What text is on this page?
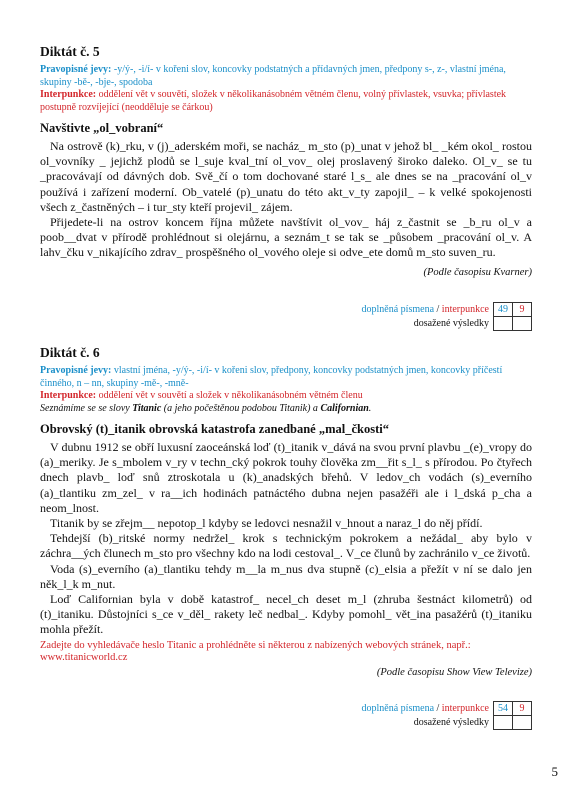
Diktát č. 5

Pravopisné jevy: -y/ý-, -i/í- v kořeni slov, koncovky podstatných a přídavných jmen, předpony s-, z-, vlastní jména, skupiny -bě-, -bje-, spodoba

Interpunkce: oddělení vět v souvětí, složek v několikanásobném větném členu, volný přívlastek, vsuvka; přívlastek postupně rozvíjející (neodděluje se čárkou)

Navštivte „ol_vobraní“

Na ostrově (k)_rku, v (j)_aderském moři, se nacház_ m_sto (p)_unat v jehož bl_ _kém okol_ rostou ol_vovníky _ jejichž plodů se l_suje kval_tní ol_vov_ olej proslavený široko daleko. Ol_v_ se tu _pracovávají od dávných dob. Svě_čí o tom dochované staré l_s_ ale dnes se na _pracování ol_v používá i zařízení moderní. Ob_vatelé (p)_unatu do této akt_v_ty zapojil_ – k velké spokojenosti všech z_častněných – i tur_sty kteří projevil_ zájem.

Přijedete-li na ostrov koncem října můžete navštívit ol_vov_ háj z_častnit se _b_ru ol_v a poob__dvat v přírodě prohlédnout si olejárnu, a seznám_t se tak se _působem _pracování ol_v. A lahv_čku v_nikajícího zdrav_ prospěšného ol_vového oleje si odve_ete domů m_sto suven_ru.

(Podle časopisu Kvarner)

doplněná písmena / interpunkce	49	9
dosažené výsledky		
Diktát č. 6

Pravopisné jevy: vlastní jména, -y/ý-, -i/í- v kořeni slov, předpony, koncovky podstatných jmen, koncovky příčestí činného, n – nn, skupiny -mě-, -mně-

Interpunkce: oddělení vět v souvětí a složek v několikanásobném větném členu

Seznámíme se se slovy Titanic (a jeho počeštěnou podobou Titanik) a Californian.

Obrovský (t)_itanik obrovská katastrofa zanedbané „mal_čkosti“

V dubnu 1912 se obří luxusní zaoceánská loď (t)_itanik v_dává na svou první plavbu _(e)_vropy do (a)_meriky. Je s_mbolem v_ry v techn_cký pokrok touhy člověka zm__řit s_l_ s přírodou. Po čtyřech dnech plavb_ loď snů ztroskotala u (k)_anadských břehů. V ledov_ch vodách (s)_everního (a)_tlantiku zm_zel_ v ra__ich hodinách patnáctého dubna nejen pasažéři ale i l_dská p_cha a neom_lnost.

Titanik by se zřejm__ nepotop_l kdyby se ledovci nesnažil v_hnout a naraz_l do něj přídí.

Tehdejší (b)_ritské normy nedržel_ krok s technickým pokrokem a nežádal_ aby bylo v záchra__ých člunech m_sto pro všechny kdo na lodi cestoval_. V_ce člunů by zachránilo v_ce životů.

Voda (s)_everního (a)_tlantiku tehdy m__la m_nus dva stupně (c)_elsia a přežít v ní se dalo jen něk_l_k m_nut.

Loď Californian byla v době katastrof_ necel_ch deset m_l (zhruba šestnáct kilometrů) od (t)_itaniku. Důstojníci s_ce v_děl_ rakety leč nedbal_. Kdyby pomohl_ vět_ina pasažérů (t)_itaniku mohla přežít.

Zadejte do vyhledávače heslo Titanic a prohlédněte si některou z nabízených webových stránek, např.: www.titanicworld.cz

(Podle časopisu Show View Televize)

doplněná písmena / interpunkce	54	9
dosažené výsledky		
5
